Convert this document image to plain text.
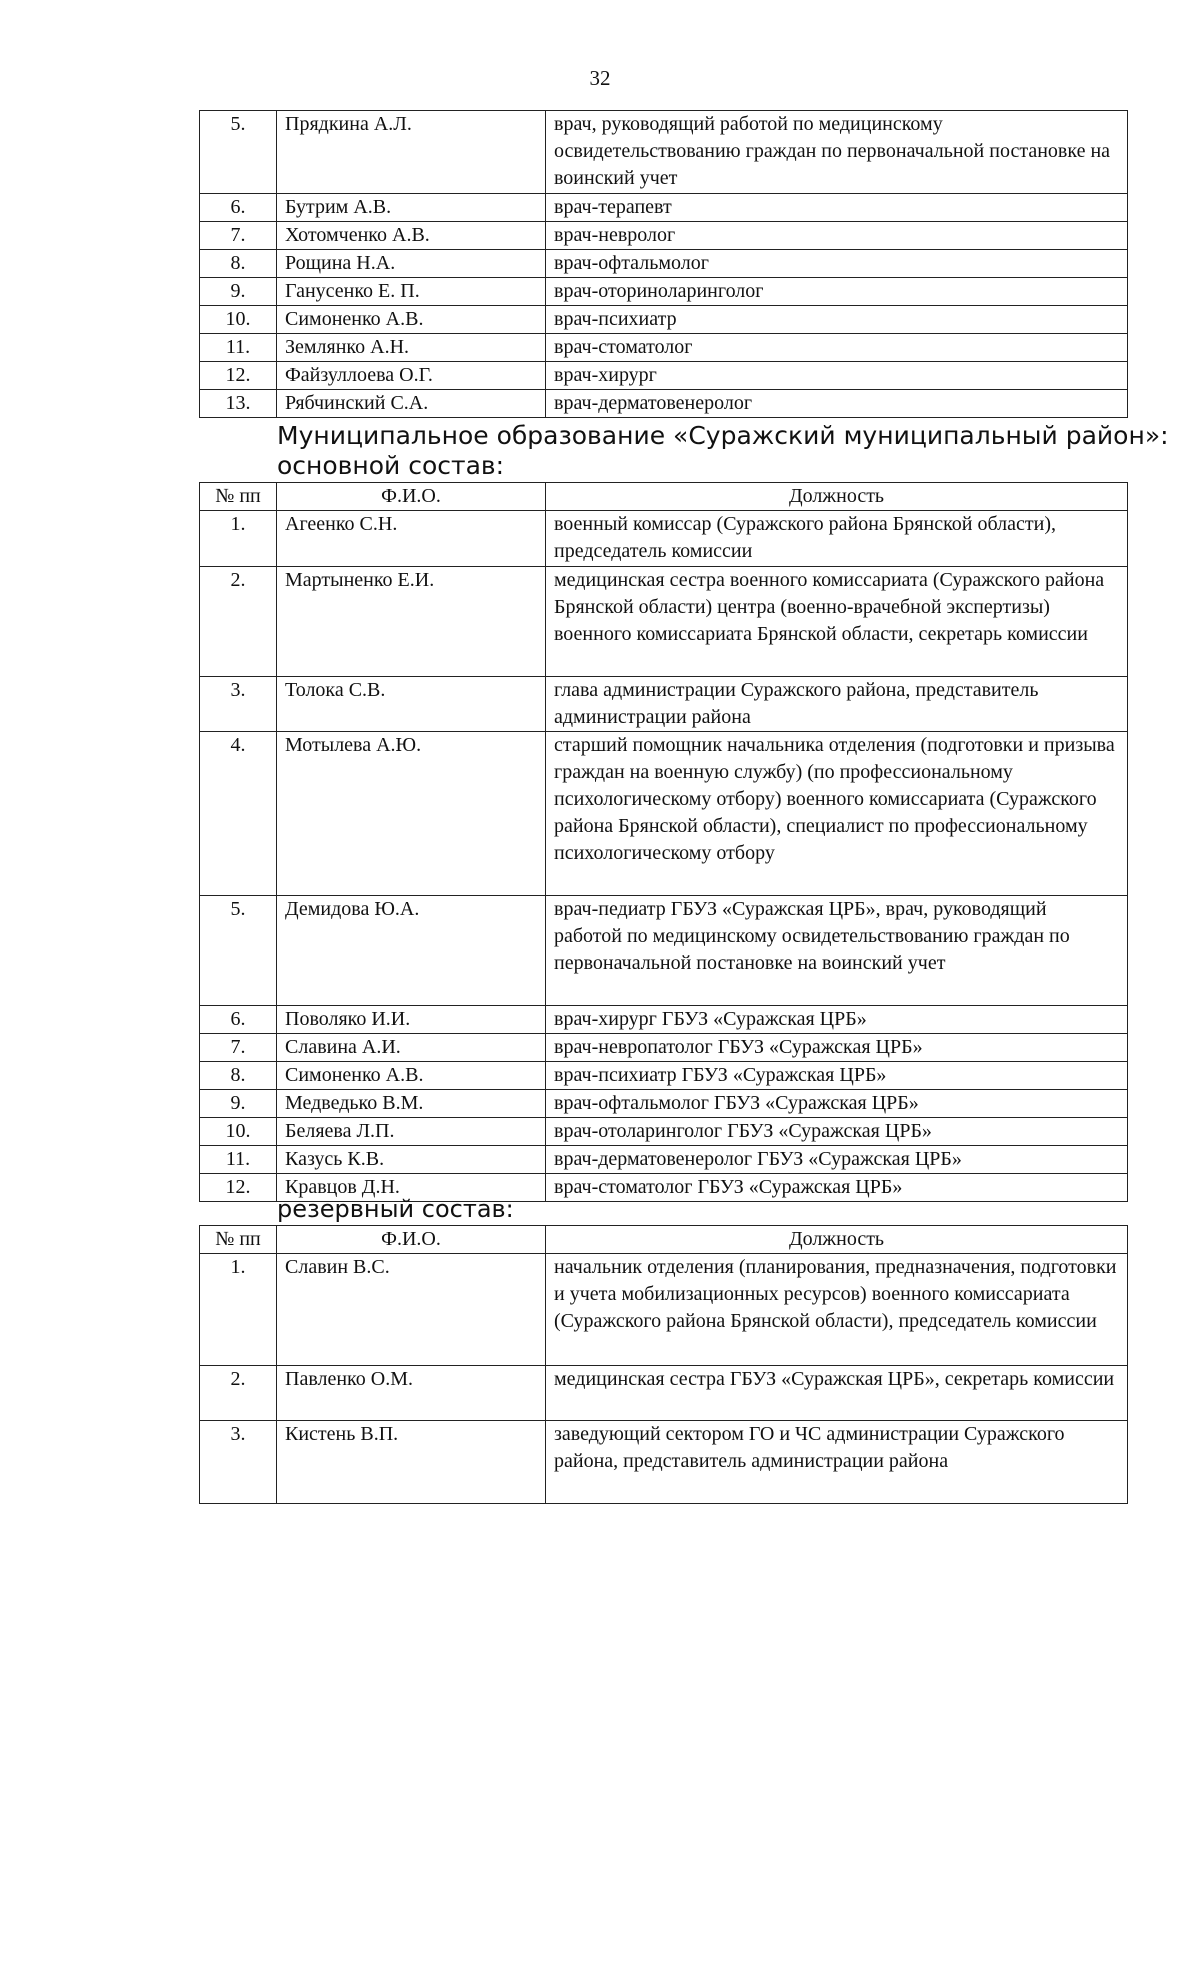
32
5.	Прядкина А.Л.	врач, руководящий работой по медицинскому освидетельствованию граждан по первоначальной постановке на воинский учет
6.	Бутрим А.В.	врач-терапевт
7.	Хотомченко А.В.	врач-невролог
8.	Рощина Н.А.	врач-офтальмолог
9.	Ганусенко Е. П.	врач-оториноларинголог
10.	Симоненко А.В.	врач-психиатр
11.	Землянко А.Н.	врач-стоматолог
12.	Файзуллоева О.Г.	врач-хирург
13.	Рябчинский С.А.	врач-дерматовенеролог
Муниципальное образование «Суражский муниципальный район»:
основной состав:
№ пп	Ф.И.О.	Должность
1.	Агеенко С.Н.	военный комиссар (Суражского района Брянской области), председатель комиссии
2.	Мартыненко Е.И.	медицинская сестра военного комиссариата (Суражского района Брянской области) центра (военно-врачебной экспертизы) военного комиссариата Брянской области, секретарь комиссии
3.	Толока С.В.	глава администрации Суражского района, представитель администрации района
4.	Мотылева А.Ю.	старший помощник начальника отделения (подготовки и призыва граждан на военную службу) (по профессиональному психологическому отбору) военного комиссариата (Суражского района Брянской области), специалист по профессиональному психологическому отбору
5.	Демидова Ю.А.	врач-педиатр ГБУЗ «Суражская ЦРБ», врач, руководящий работой по медицинскому освидетельствованию граждан по первоначальной постановке на воинский учет
6.	Поволяко И.И.	врач-хирург ГБУЗ «Суражская ЦРБ»
7.	Славина А.И.	врач-невропатолог ГБУЗ «Суражская ЦРБ»
8.	Симоненко А.В.	врач-психиатр ГБУЗ «Суражская ЦРБ»
9.	Медведько В.М.	врач-офтальмолог ГБУЗ «Суражская ЦРБ»
10.	Беляева Л.П.	врач-отоларинголог ГБУЗ «Суражская ЦРБ»
11.	Казусь К.В.	врач-дерматовенеролог ГБУЗ «Суражская ЦРБ»
12.	Кравцов Д.Н.	врач-стоматолог ГБУЗ «Суражская ЦРБ»
резервный состав:
№ пп	Ф.И.О.	Должность
1.	Славин В.С.	начальник отделения (планирования, предназначения, подготовки и учета мобилизационных ресурсов) военного комиссариата (Суражского района Брянской области), председатель комиссии
2.	Павленко О.М.	медицинская сестра ГБУЗ «Суражская ЦРБ», секретарь комиссии
3.	Кистень В.П.	заведующий сектором ГО и ЧС администрации Суражского района, представитель администрации района
